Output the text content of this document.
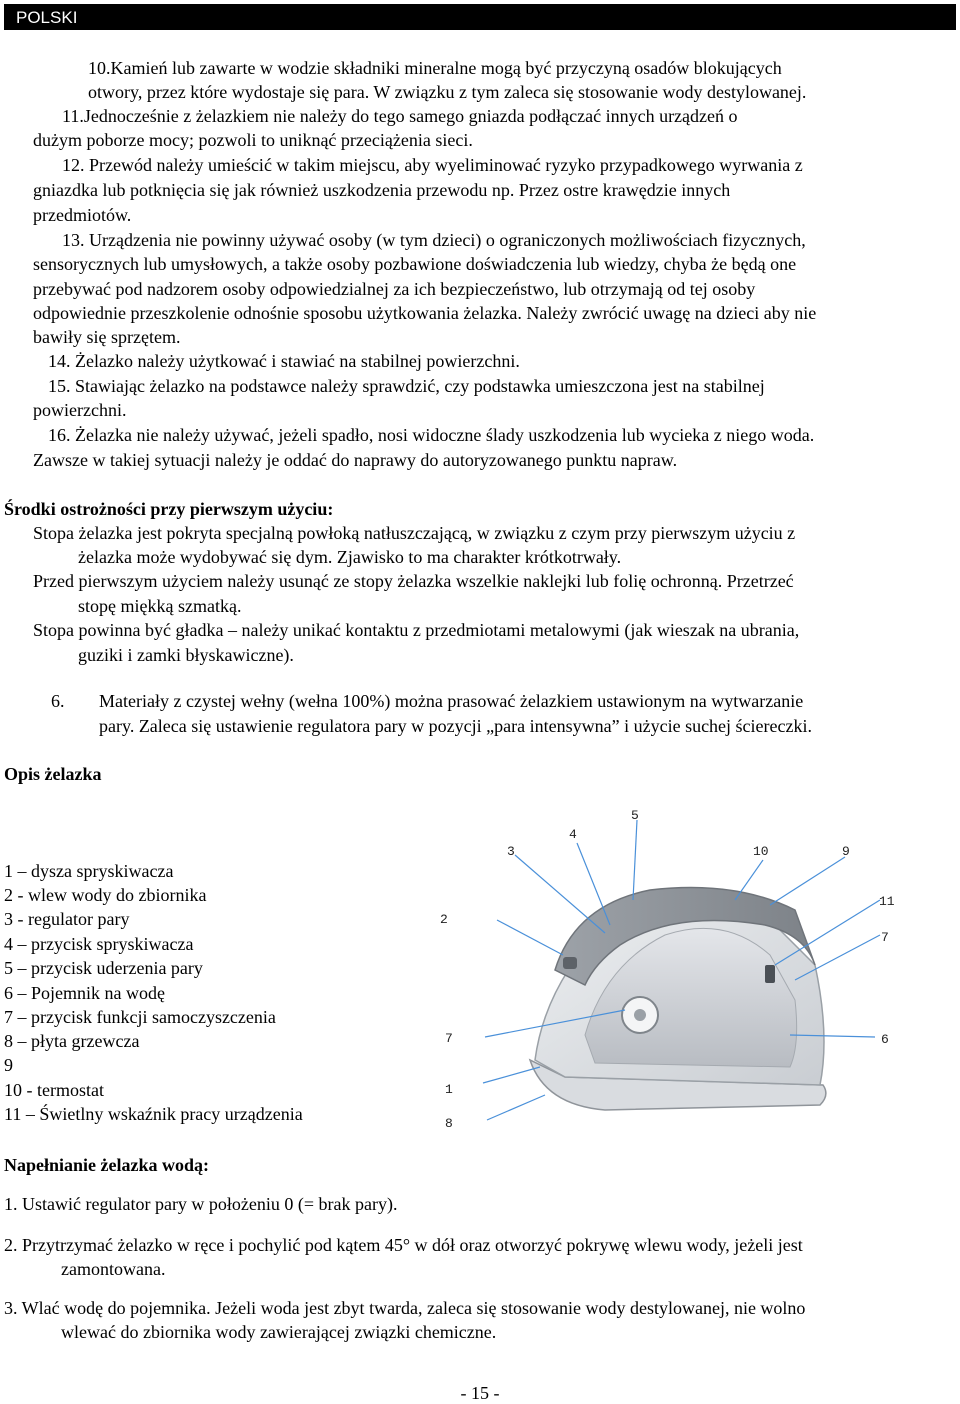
POLSKI
10.Kamień lub zawarte w wodzie składniki mineralne mogą być przyczyną osadów blokujących
otwory, przez które wydostaje się para. W związku z tym zaleca się stosowanie wody destylowanej.
11.Jednocześnie z żelazkiem nie należy do tego samego gniazda podłączać innych urządzeń o
dużym poborze mocy; pozwoli to uniknąć przeciążenia sieci.
12. Przewód należy umieścić w takim miejscu, aby wyeliminować ryzyko przypadkowego wyrwania z
gniazdka lub potknięcia się jak również uszkodzenia przewodu np. Przez ostre krawędzie innych
przedmiotów.
13. Urządzenia nie powinny używać osoby (w tym dzieci) o ograniczonych możliwościach fizycznych,
sensorycznych lub umysłowych, a także osoby pozbawione doświadczenia lub wiedzy, chyba że będą one
przebywać pod nadzorem osoby odpowiedzialnej za ich bezpieczeństwo, lub otrzymają od tej osoby
odpowiednie przeszkolenie odnośnie sposobu użytkowania żelazka. Należy zwrócić uwagę na dzieci aby nie
bawiły się sprzętem.
14. Żelazko należy użytkować i stawiać na stabilnej powierzchni.
15. Stawiając żelazko na podstawce należy sprawdzić, czy podstawka umieszczona jest na stabilnej
powierzchni.
16. Żelazka nie należy używać, jeżeli spadło, nosi widoczne ślady uszkodzenia lub wycieka z niego woda.
Zawsze w takiej sytuacji należy je oddać do naprawy do autoryzowanego punktu napraw.
Środki ostrożności przy pierwszym użyciu:
Stopa żelazka jest pokryta specjalną powłoką natłuszczającą, w związku z czym przy pierwszym użyciu z
żelazka może wydobywać się dym. Zjawisko to ma charakter krótkotrwały.
Przed pierwszym użyciem należy usunąć ze stopy żelazka wszelkie naklejki lub folię ochronną. Przetrzeć
stopę miękką szmatką.
Stopa powinna być gładka – należy unikać kontaktu z przedmiotami metalowymi (jak wieszak na ubrania,
guziki i zamki błyskawiczne).
6. Materiały z czystej wełny (wełna 100%) można prasować żelazkiem ustawionym na wytwarzanie
pary. Zaleca się ustawienie regulatora pary w pozycji „para intensywna” i użycie suchej ściereczki.
Opis żelazka
1 – dysza spryskiwacza
2 - wlew wody do zbiornika
3 - regulator pary
4 – przycisk spryskiwacza
5 – przycisk uderzenia pary
6 – Pojemnik na wodę
7 – przycisk funkcji samoczyszczenia
8 – płyta grzewcza
9
10 - termostat
11 – Świetlny wskaźnik pracy urządzenia
2
3
4
5
10	9
11
7
7	6
1
8
Napełnianie żelazka wodą:
1. Ustawić regulator pary w położeniu 0 (= brak pary).
2. Przytrzymać żelazko w ręce i pochylić pod kątem 45° w dół oraz otworzyć pokrywę wlewu wody, jeżeli jest
zamontowana.
3. Wlać wodę do pojemnika. Jeżeli woda jest zbyt twarda, zaleca się stosowanie wody destylowanej, nie wolno
wlewać do zbiornika wody zawierającej związki chemiczne.
- 15 -
